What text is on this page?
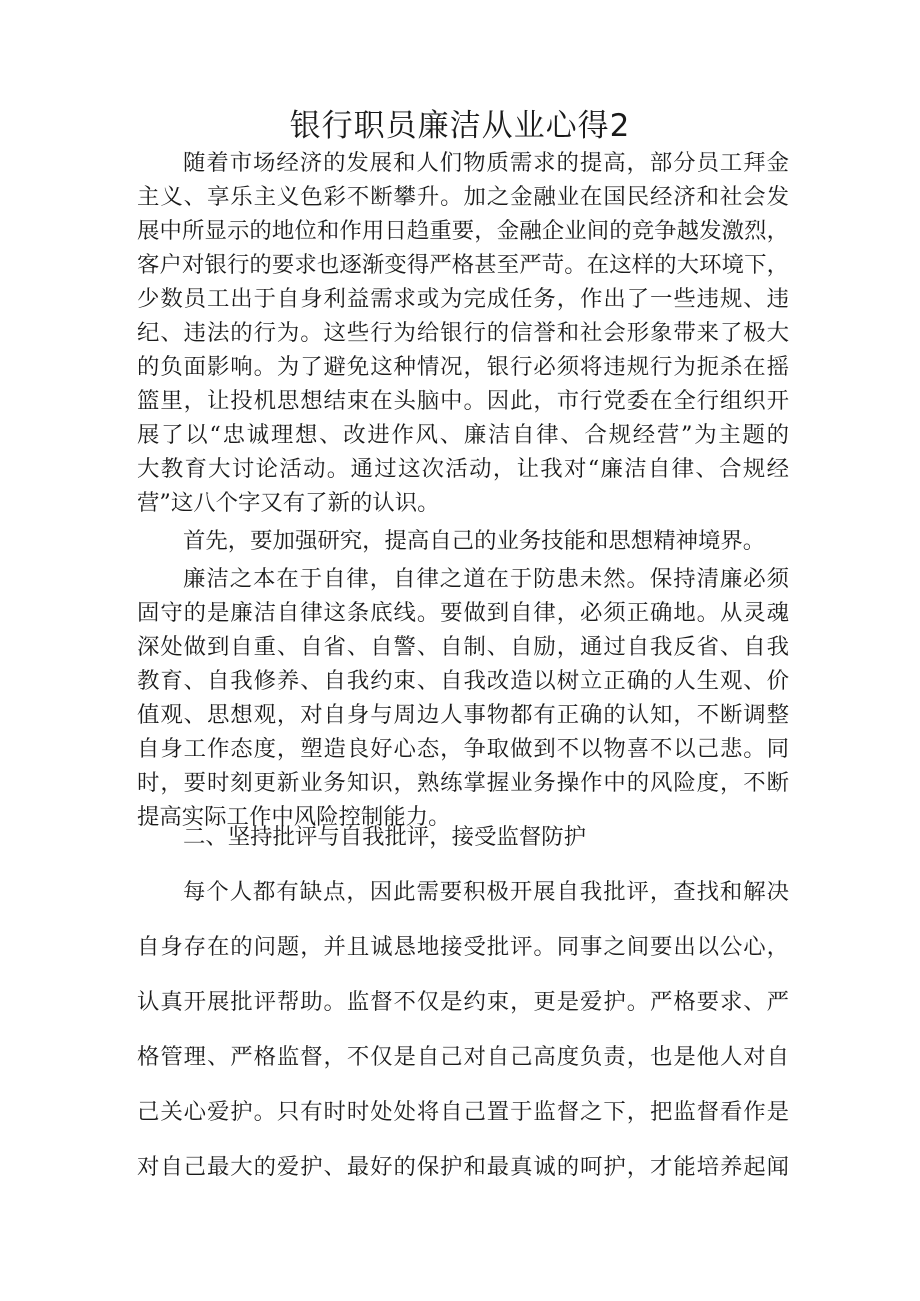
银行职员廉洁从业心得2
随着市场经济的发展和人们物质需求的提高，部分员工拜金
主义、享乐主义色彩不断攀升。加之金融业在国民经济和社会发
展中所显示的地位和作用日趋重要，金融企业间的竞争越发激烈，
客户对银行的要求也逐渐变得严格甚至严苛。在这样的大环境下，
少数员工出于自身利益需求或为完成任务，作出了一些违规、违
纪、违法的行为。这些行为给银行的信誉和社会形象带来了极大
的负面影响。为了避免这种情况，银行必须将违规行为扼杀在摇
篮里，让投机思想结束在头脑中。因此，市行党委在全行组织开
展了以“忠诚理想、改进作风、廉洁自律、合规经营”为主题的
大教育大讨论活动。通过这次活动，让我对“廉洁自律、合规经
营”这八个字又有了新的认识。
首先，要加强研究，提高自己的业务技能和思想精神境界。
廉洁之本在于自律，自律之道在于防患未然。保持清廉必须
固守的是廉洁自律这条底线。要做到自律，必须正确地。从灵魂
深处做到自重、自省、自警、自制、自励，通过自我反省、自我
教育、自我修养、自我约束、自我改造以树立正确的人生观、价
值观、思想观，对自身与周边人事物都有正确的认知，不断调整
自身工作态度，塑造良好心态，争取做到不以物喜不以己悲。同
时，要时刻更新业务知识，熟练掌握业务操作中的风险度，不断
提高实际工作中风险控制能力。
二、坚持批评与自我批评，接受监督防护
每个人都有缺点，因此需要积极开展自我批评，查找和解决
自身存在的问题，并且诚恳地接受批评。同事之间要出以公心，
认真开展批评帮助。监督不仅是约束，更是爱护。严格要求、严
格管理、严格监督，不仅是自己对自己高度负责，也是他人对自
己关心爱护。只有时时处处将自己置于监督之下，把监督看作是
对自己最大的爱护、最好的保护和最真诚的呵护，才能培养起闻
